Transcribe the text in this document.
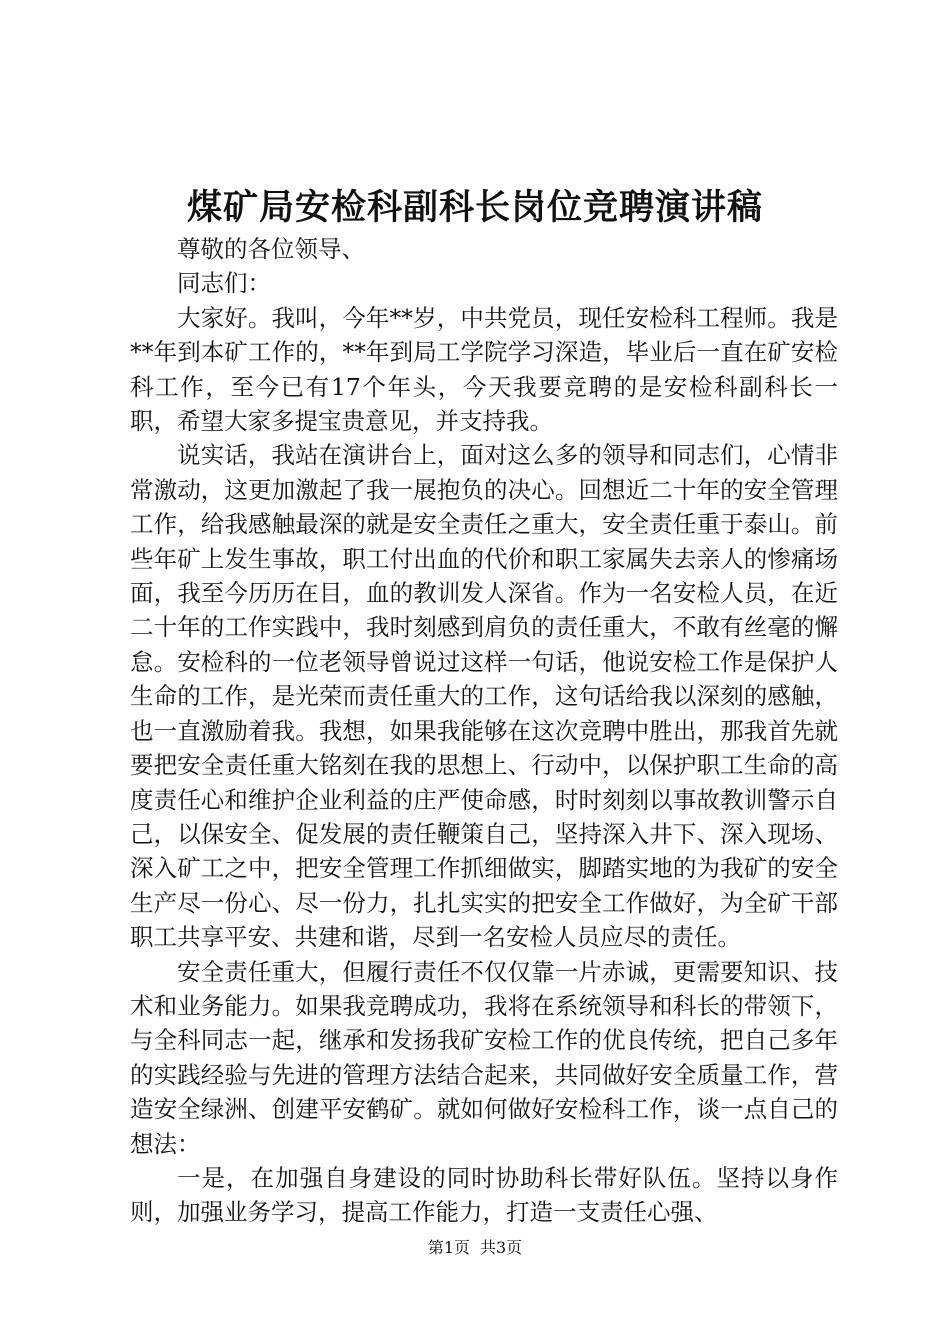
煤矿局安检科副科长岗位竞聘演讲稿

尊敬的各位领导、

同志们：

大家好。我叫，今年**岁，中共党员，现任安检科工程师。我是**年到本矿工作的，**年到局工学院学习深造，毕业后一直在矿安检科工作，至今已有17个年头，今天我要竞聘的是安检科副科长一职，希望大家多提宝贵意见，并支持我。

说实话，我站在演讲台上，面对这么多的领导和同志们，心情非常激动，这更加激起了我一展抱负的决心。回想近二十年的安全管理工作，给我感触最深的就是安全责任之重大，安全责任重于泰山。前些年矿上发生事故，职工付出血的代价和职工家属失去亲人的惨痛场面，我至今历历在目，血的教训发人深省。作为一名安检人员，在近二十年的工作实践中，我时刻感到肩负的责任重大，不敢有丝毫的懈怠。安检科的一位老领导曾说过这样一句话，他说安检工作是保护人生命的工作，是光荣而责任重大的工作，这句话给我以深刻的感触，也一直激励着我。我想，如果我能够在这次竞聘中胜出，那我首先就要把安全责任重大铭刻在我的思想上、行动中，以保护职工生命的高度责任心和维护企业利益的庄严使命感，时时刻刻以事故教训警示自己，以保安全、促发展的责任鞭策自己，坚持深入井下、深入现场、深入矿工之中，把安全管理工作抓细做实，脚踏实地的为我矿的安全生产尽一份心、尽一份力，扎扎实实的把安全工作做好，为全矿干部职工共享平安、共建和谐，尽到一名安检人员应尽的责任。

安全责任重大，但履行责任不仅仅靠一片赤诚，更需要知识、技术和业务能力。如果我竞聘成功，我将在系统领导和科长的带领下，与全科同志一起，继承和发扬我矿安检工作的优良传统，把自己多年的实践经验与先进的管理方法结合起来，共同做好安全质量工作，营造安全绿洲、创建平安鹤矿。就如何做好安检科工作，谈一点自己的想法：

一是，在加强自身建设的同时协助科长带好队伍。坚持以身作则，加强业务学习，提高工作能力，打造一支责任心强、

第1页 共3页
